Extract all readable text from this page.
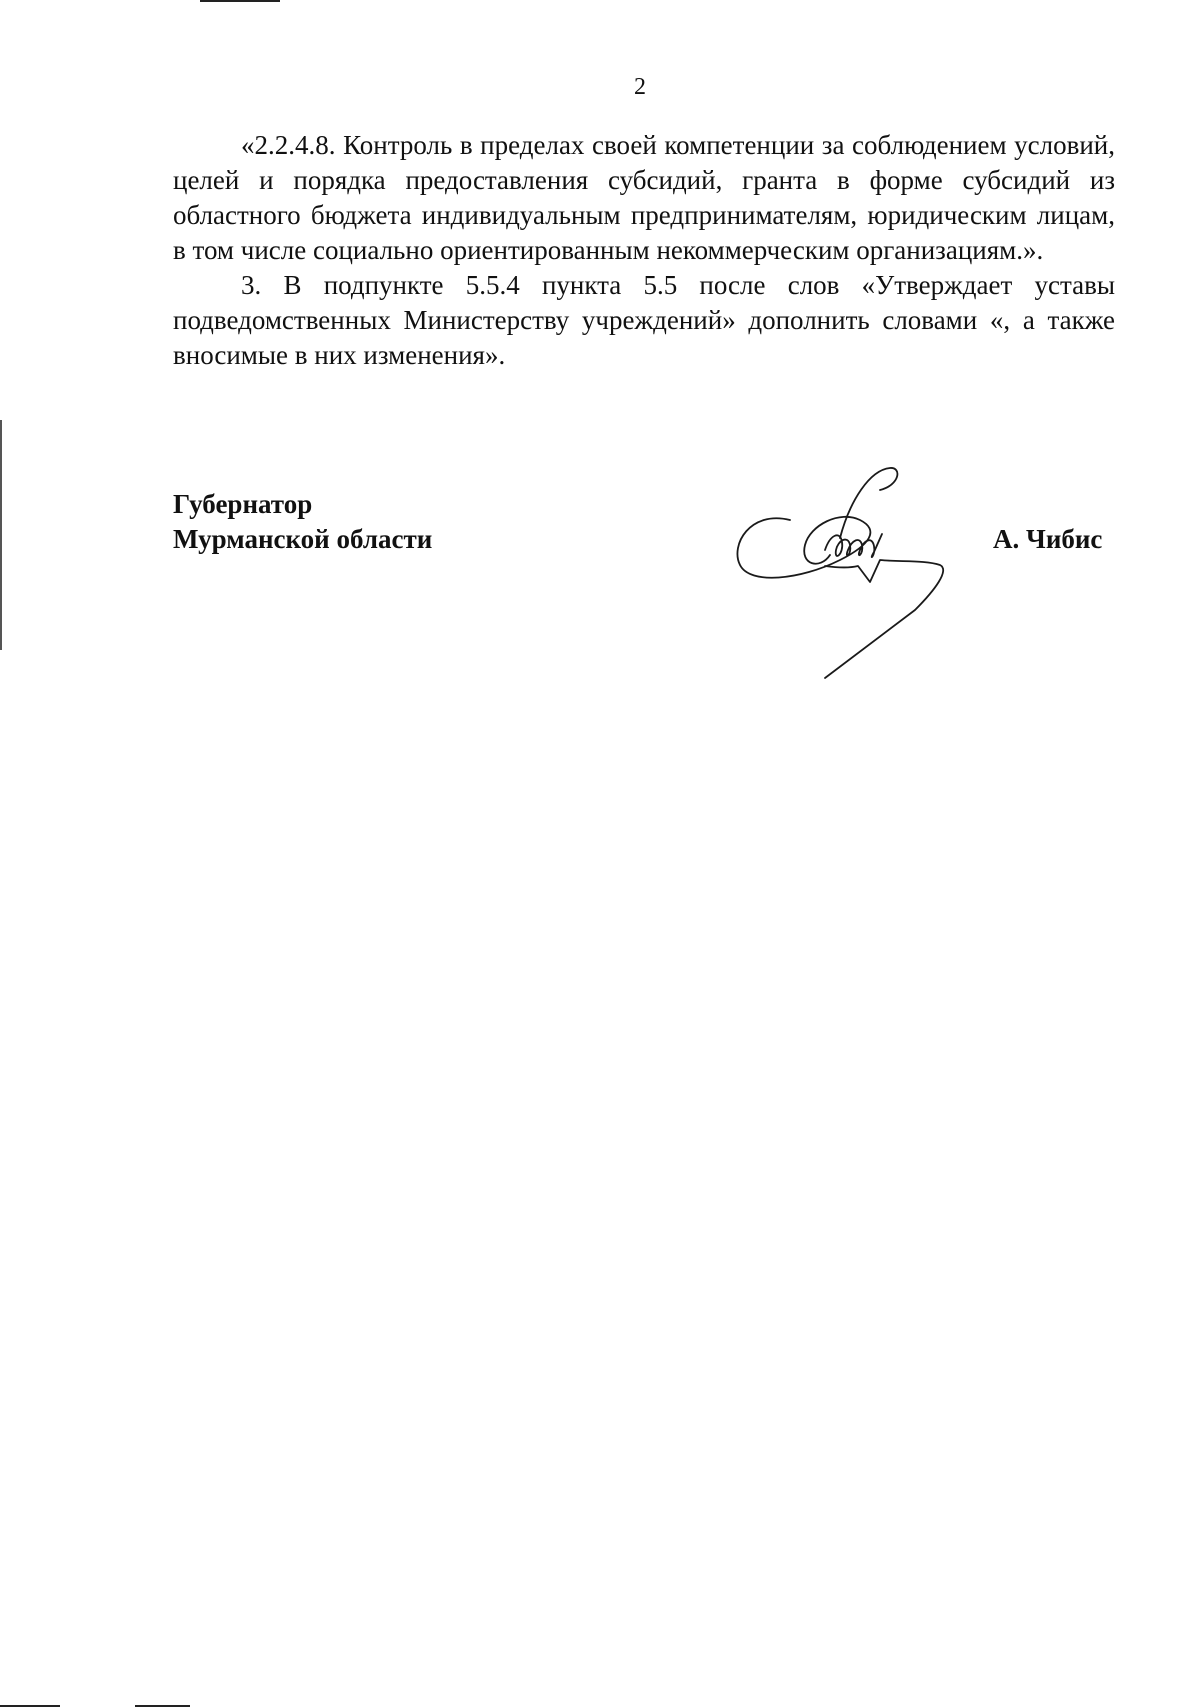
2

«2.2.4.8. Контроль в пределах своей компетенции за соблюдением условий, целей и порядка предоставления субсидий, гранта в форме субсидий из областного бюджета индивидуальным предпринимателям, юридическим лицам, в том числе социально ориентированным некоммерческим организациям.».

3. В подпункте 5.5.4 пункта 5.5 после слов «Утверждает уставы подведомственных Министерству учреждений» дополнить словами «, а также вносимые в них изменения».

Губернатор
Мурманской области	А. Чибис
